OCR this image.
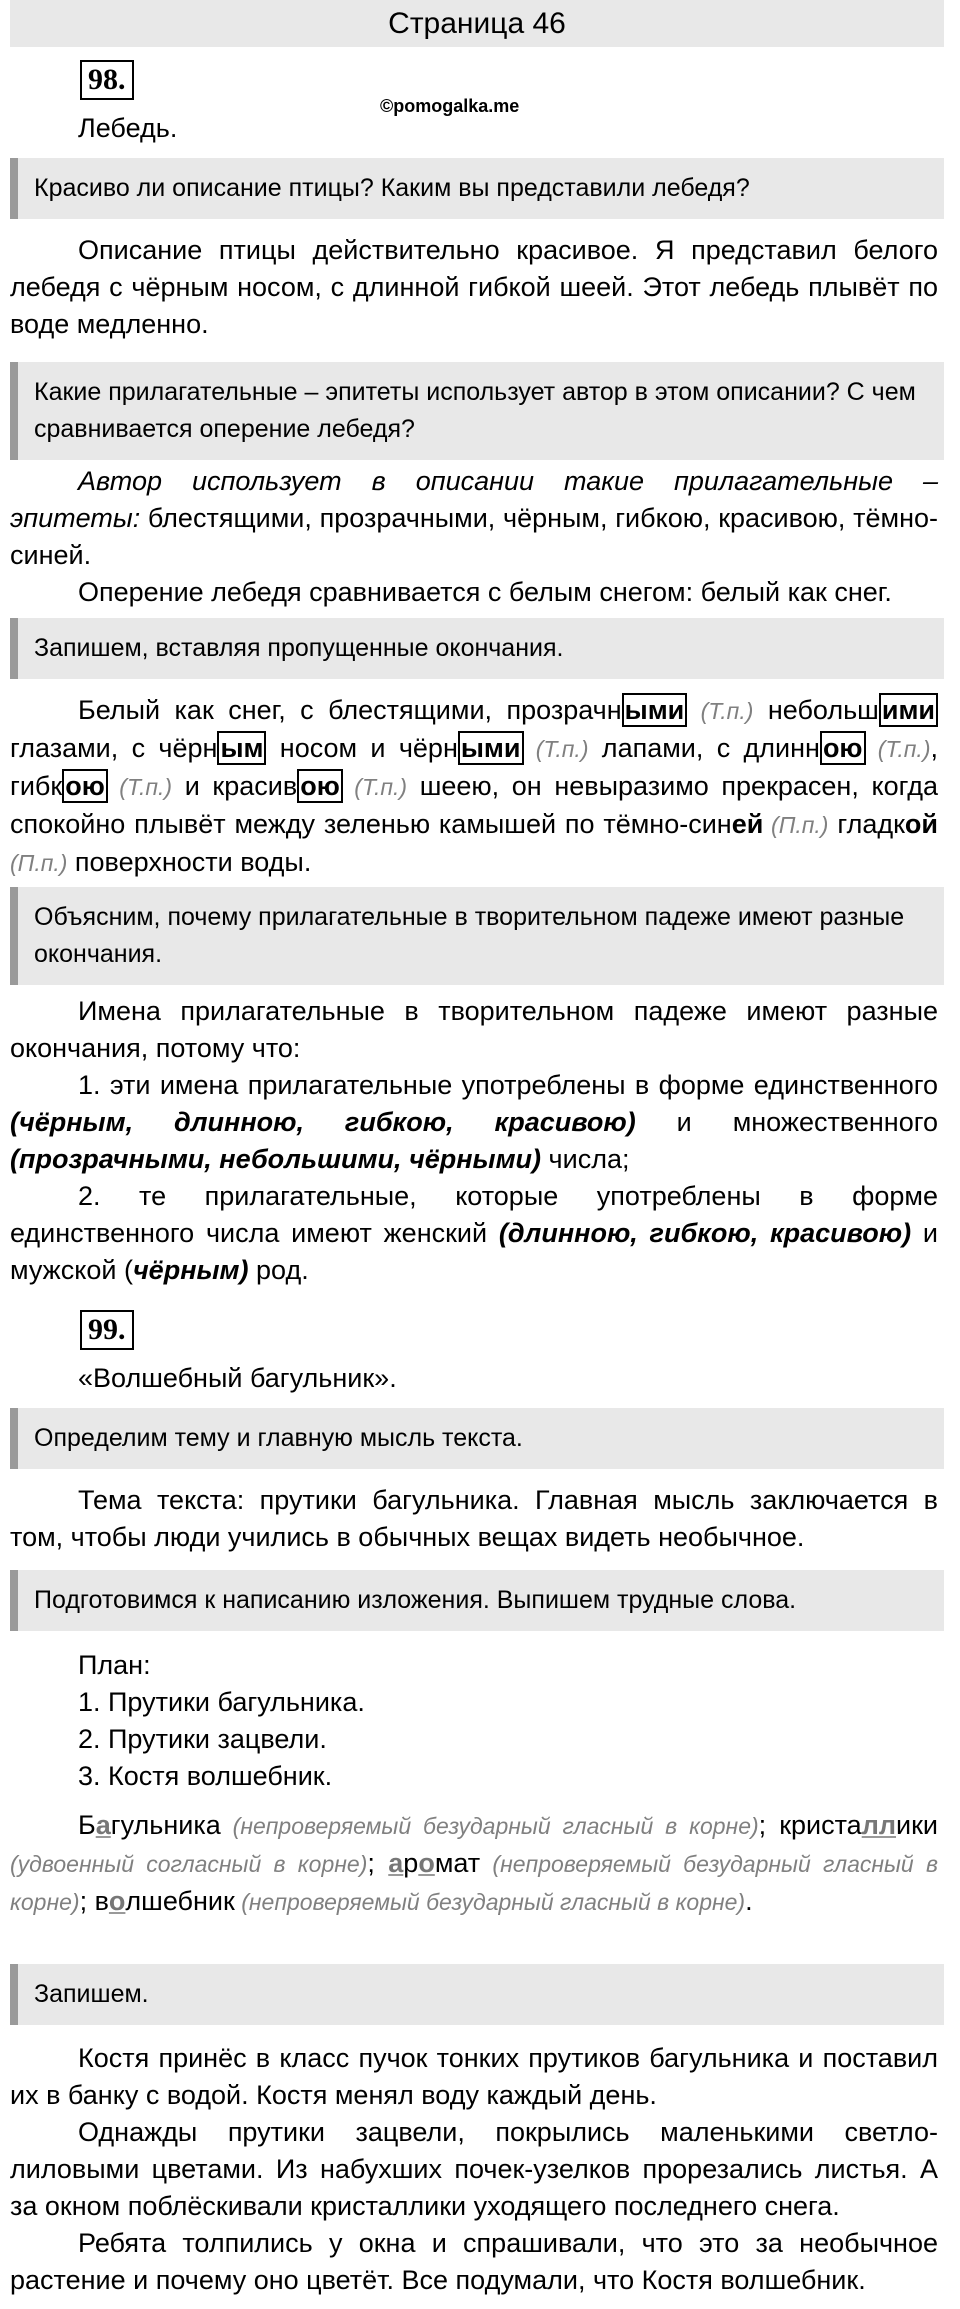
Страница 46
98.
©pomogalka.me

Лебедь.

Красиво ли описание птицы? Каким вы представили лебедя?

Описание птицы действительно красивое. Я представил белого лебедя с чёрным носом, с длинной гибкой шеей. Этот лебедь плывёт по воде медленно.

Какие прилагательные – эпитеты использует автор в этом описании? С чем сравнивается оперение лебедя?

Автор использует в описании такие прилагательные – эпитеты: блестящими, прозрачными, чёрным, гибкою, красивою, тёмно-синей.

Оперение лебедя сравнивается с белым снегом: белый как снег.

Запишем, вставляя пропущенные окончания.

Белый как снег, с блестящими, прозрачн ыми (Т.п.) небольш ими глазами, с чёрн ым носом и чёрн ыми (Т.п.) лапами, с длинн ою (Т.п.), гибк ою (Т.п.) и красив ою (Т.п.) шеею, он невыразимо прекрасен, когда спокойно плывёт между зеленью камышей по тёмно-синей (П.п.) гладкой (П.п.) поверхности воды.

Объясним, почему прилагательные в творительном падеже имеют разные окончания.

Имена прилагательные в творительном падеже имеют разные окончания, потому что:

1. эти имена прилагательные употреблены в форме единственного (чёрным, длинною, гибкою, красивою) и множественного (прозрачными, небольшими, чёрными) числа;

2. те прилагательные, которые употреблены в форме единственного числа имеют женский (длинною, гибкою, красивою) и мужской (чёрным) род.

99.

«Волшебный багульник».

Определим тему и главную мысль текста.

Тема текста: прутики багульника. Главная мысль заключается в том, чтобы люди учились в обычных вещах видеть необычное.

Подготовимся к написанию изложения. Выпишем трудные слова.

План:

1. Прутики багульника.

2. Прутики зацвели.

3. Костя волшебник.

Багульника (непроверяемый безударный гласный в корне); кристаллики (удвоенный согласный в корне); аромат (непроверяемый безударный гласный в корне); волшебник (непроверяемый безударный гласный в корне).

Запишем.

Костя принёс в класс пучок тонких прутиков багульника и поставил их в банку с водой. Костя менял воду каждый день.

Однажды прутики зацвели, покрылись маленькими светло-лиловыми цветами. Из набухших почек-узелков прорезались листья. А за окном поблёскивали кристаллики уходящего последнего снега.

Ребята толпились у окна и спрашивали, что это за необычное растение и почему оно цветёт. Все подумали, что Костя волшебник.
